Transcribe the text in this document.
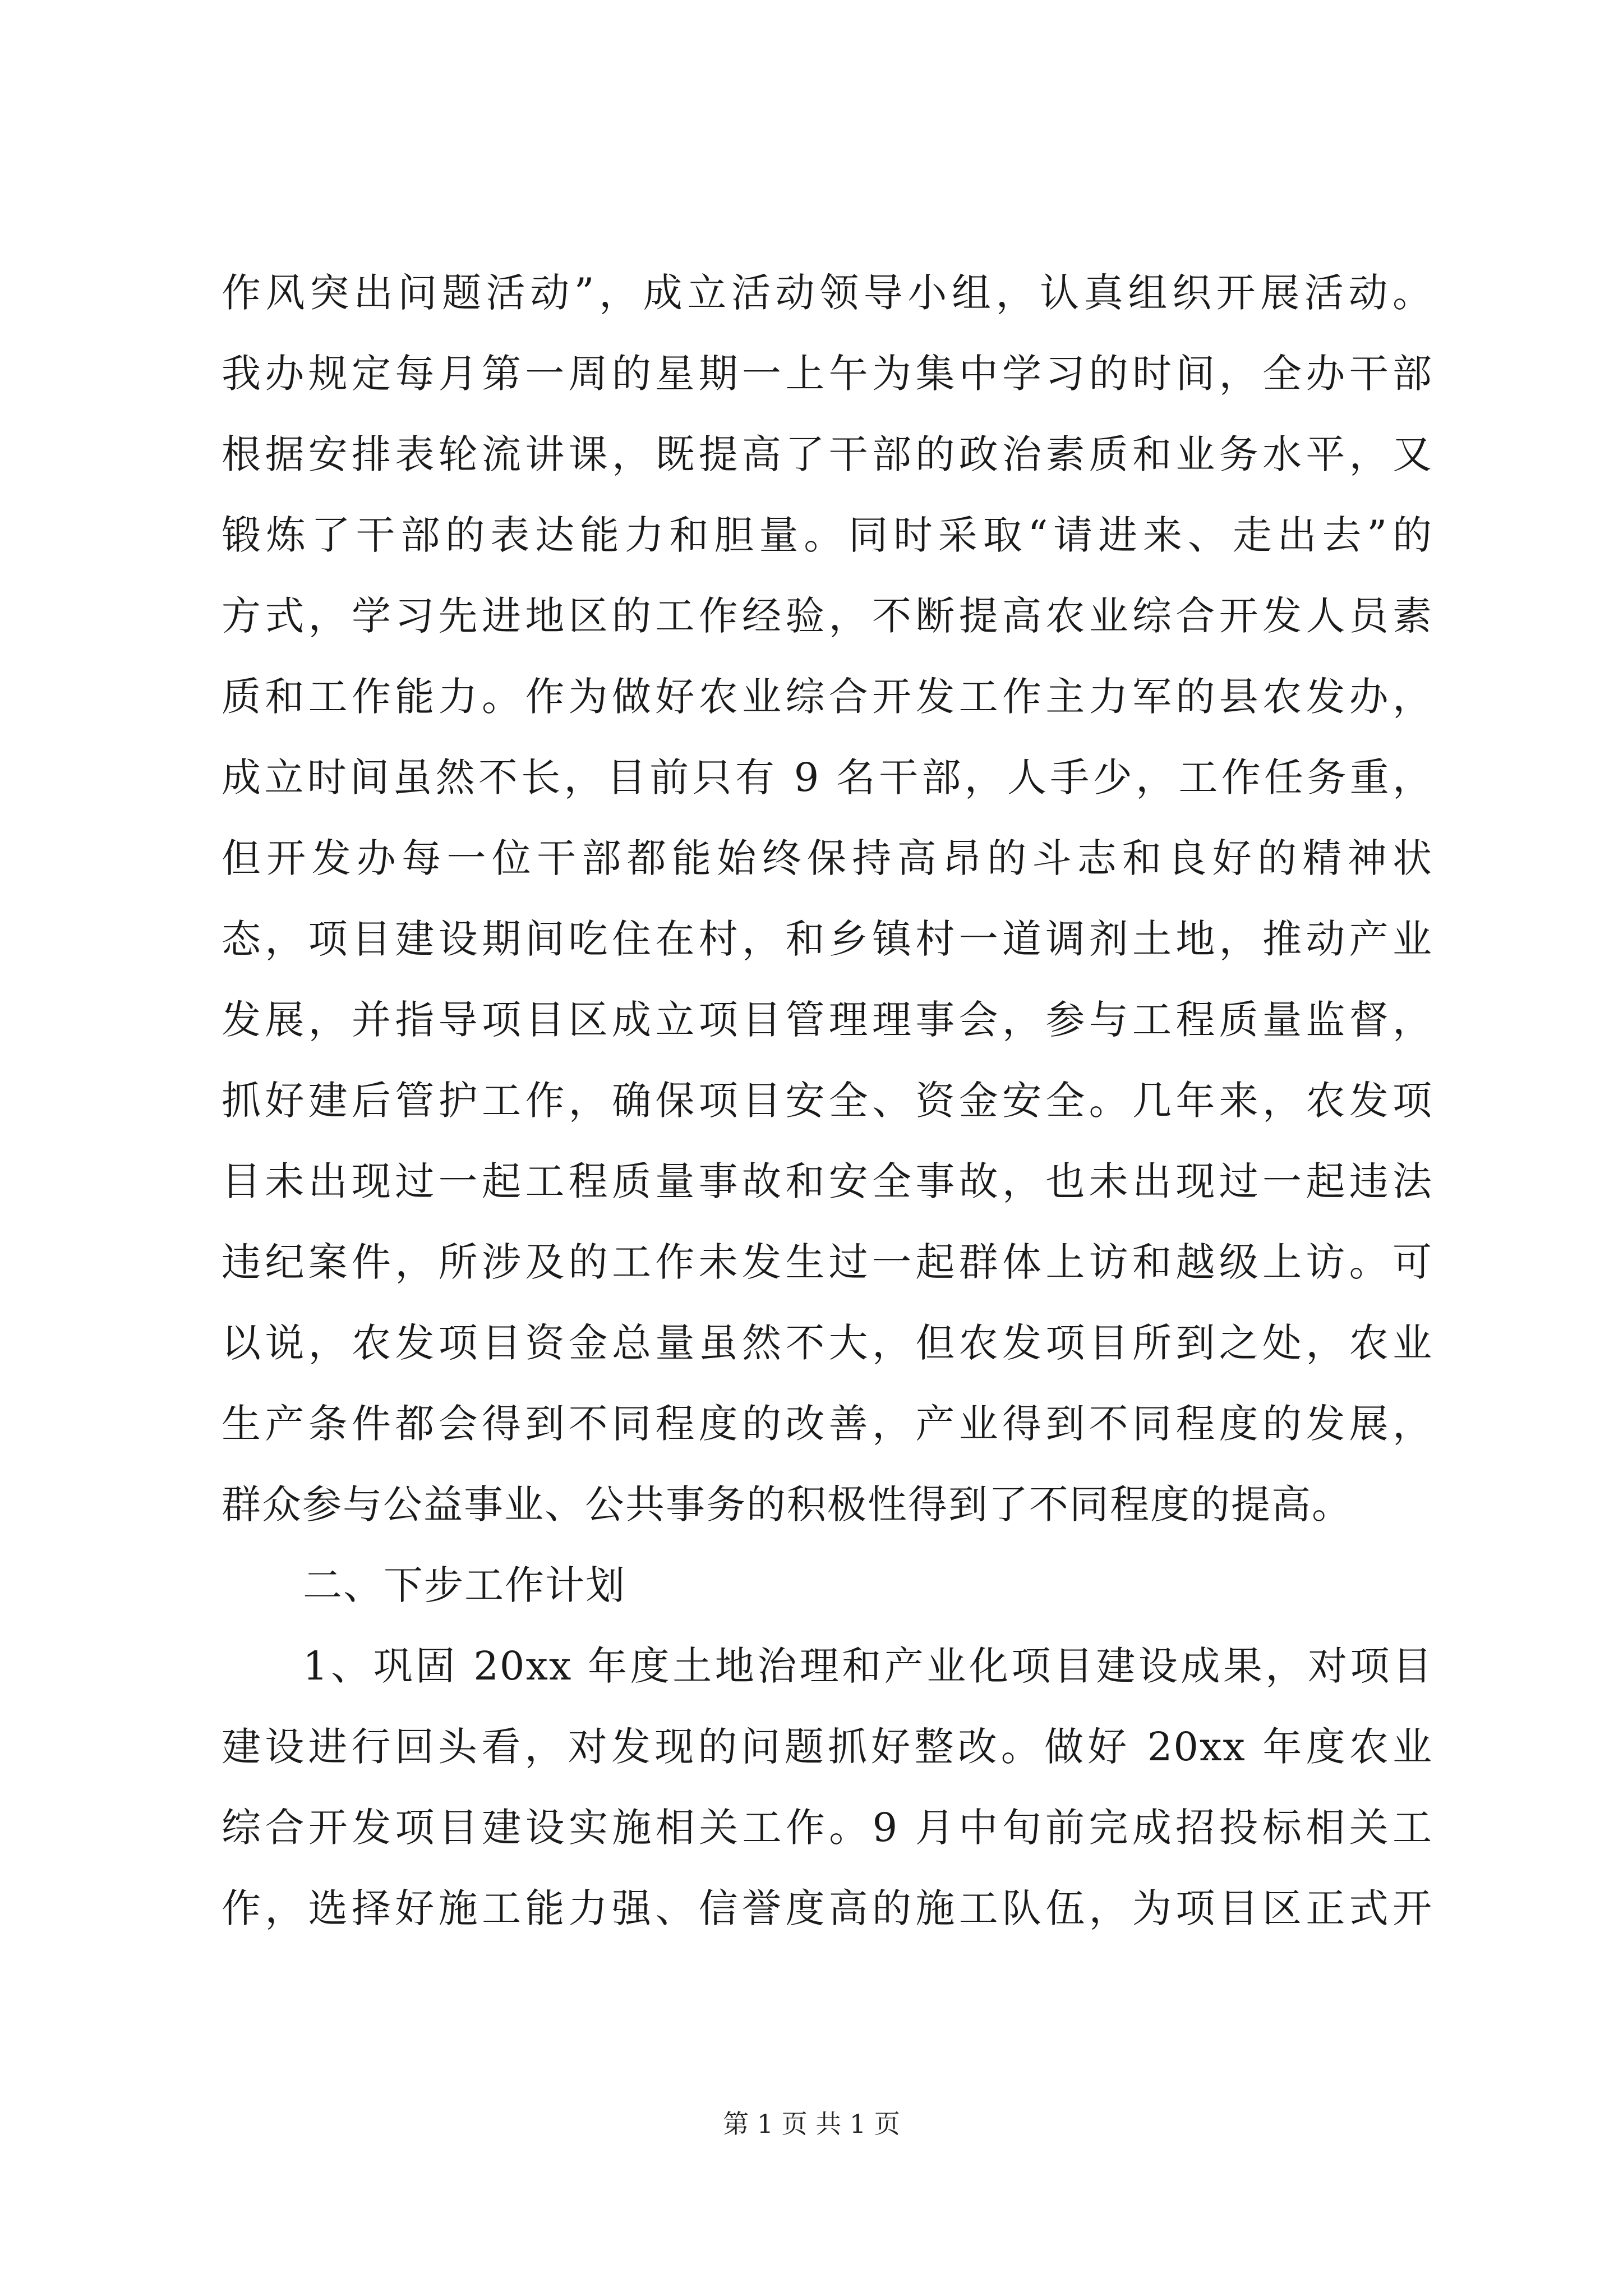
作风突出问题活动”，成立活动领导小组，认真组织开展活动。
我办规定每月第一周的星期一上午为集中学习的时间，全办干部
根据安排表轮流讲课，既提高了干部的政治素质和业务水平，又
锻炼了干部的表达能力和胆量。同时采取“请进来、走出去”的
方式，学习先进地区的工作经验，不断提高农业综合开发人员素
质和工作能力。作为做好农业综合开发工作主力军的县农发办，
成立时间虽然不长，目前只有 9 名干部，人手少，工作任务重，
但开发办每一位干部都能始终保持高昂的斗志和良好的精神状
态，项目建设期间吃住在村，和乡镇村一道调剂土地，推动产业
发展，并指导项目区成立项目管理理事会，参与工程质量监督，
抓好建后管护工作，确保项目安全、资金安全。几年来，农发项
目未出现过一起工程质量事故和安全事故，也未出现过一起违法
违纪案件，所涉及的工作未发生过一起群体上访和越级上访。可
以说，农发项目资金总量虽然不大，但农发项目所到之处，农业
生产条件都会得到不同程度的改善，产业得到不同程度的发展，
群众参与公益事业、公共事务的积极性得到了不同程度的提高。
二、下步工作计划
1、巩固 20xx 年度土地治理和产业化项目建设成果，对项目
建设进行回头看，对发现的问题抓好整改。做好 20xx 年度农业
综合开发项目建设实施相关工作。9 月中旬前完成招投标相关工
作，选择好施工能力强、信誉度高的施工队伍，为项目区正式开
第 1 页 共 1 页
